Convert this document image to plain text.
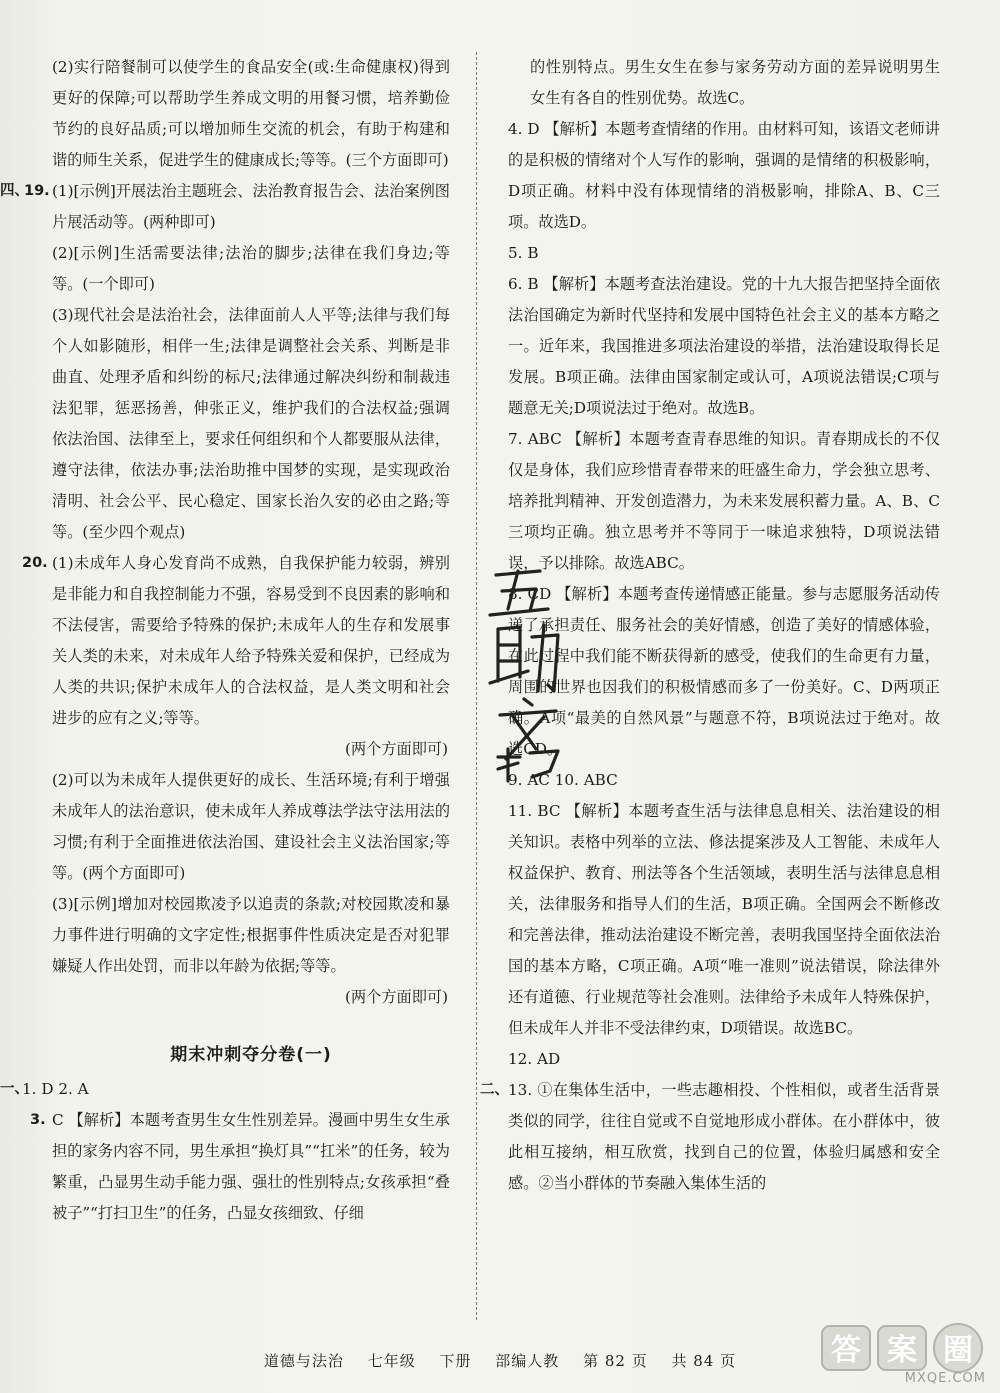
(2)实行陪餐制可以使学生的食品安全(或:生命健康权)得到更好的保障;可以帮助学生养成文明的用餐习惯，培养勤俭节约的良好品质;可以增加师生交流的机会，有助于构建和谐的师生关系，促进学生的健康成长;等等。(三个方面即可)

四、
19. (1)[示例]开展法治主题班会、法治教育报告会、法治案例图片展活动等。(两种即可)

(2)[示例]生活需要法律;法治的脚步;法律在我们身边;等等。(一个即可)

(3)现代社会是法治社会，法律面前人人平等;法律与我们每个人如影随形，相伴一生;法律是调整社会关系、判断是非曲直、处理矛盾和纠纷的标尺;法律通过解决纠纷和制裁违法犯罪，惩恶扬善，伸张正义，维护我们的合法权益;强调依法治国、法律至上，要求任何组织和个人都要服从法律，遵守法律，依法办事;法治助推中国梦的实现，是实现政治清明、社会公平、民心稳定、国家长治久安的必由之路;等等。(至少四个观点)

20. (1)未成年人身心发育尚不成熟，自我保护能力较弱，辨别是非能力和自我控制能力不强，容易受到不良因素的影响和不法侵害，需要给予特殊的保护;未成年人的生存和发展事关人类的未来，对未成年人给予特殊关爱和保护，已经成为人类的共识;保护未成年人的合法权益，是人类文明和社会进步的应有之义;等等。

(两个方面即可)

(2)可以为未成年人提供更好的成长、生活环境;有利于增强未成年人的法治意识，使未成年人养成尊法学法守法用法的习惯;有利于全面推进依法治国、建设社会主义法治国家;等等。(两个方面即可)

(3)[示例]增加对校园欺凌予以追责的条款;对校园欺凌和暴力事件进行明确的文字定性;根据事件性质决定是否对犯罪嫌疑人作出处罚，而非以年龄为依据;等等。

(两个方面即可)

期末冲刺夺分卷(一)
一、

1. D 2. A

3. C 【解析】本题考查男生女生性别差异。漫画中男生女生承担的家务内容不同，男生承担“换灯具”“扛米”的任务，较为繁重，凸显男生动手能力强、强壮的性别特点;女孩承担“叠被子”“打扫卫生”的任务，凸显女孩细致、仔细

的性别特点。男生女生在参与家务劳动方面的差异说明男生女生有各自的性别优势。故选C。

4. D 【解析】本题考查情绪的作用。由材料可知，该语文老师讲的是积极的情绪对个人写作的影响，强调的是情绪的积极影响，D项正确。材料中没有体现情绪的消极影响，排除A、B、C三项。故选D。

5. B

6. B 【解析】本题考查法治建设。党的十九大报告把坚持全面依法治国确定为新时代坚持和发展中国特色社会主义的基本方略之一。近年来，我国推进多项法治建设的举措，法治建设取得长足发展。B项正确。法律由国家制定或认可，A项说法错误;C项与题意无关;D项说法过于绝对。故选B。

7. ABC 【解析】本题考查青春思维的知识。青春期成长的不仅仅是身体，我们应珍惜青春带来的旺盛生命力，学会独立思考、培养批判精神、开发创造潜力，为未来发展积蓄力量。A、B、C三项均正确。独立思考并不等同于一味追求独特，D项说法错误，予以排除。故选ABC。

8. CD 【解析】本题考查传递情感正能量。参与志愿服务活动传递了承担责任、服务社会的美好情感，创造了美好的情感体验，在此过程中我们能不断获得新的感受，使我们的生命更有力量，周围的世界也因我们的积极情感而多了一份美好。C、D两项正确。A项“最美的自然风景”与题意不符，B项说法过于绝对。故选CD。

9. AC 10. ABC

11. BC 【解析】本题考查生活与法律息息相关、法治建设的相关知识。表格中列举的立法、修法提案涉及人工智能、未成年人权益保护、教育、刑法等各个生活领域，表明生活与法律息息相关，法律服务和指导人们的生活，B项正确。全国两会不断修改和完善法律，推动法治建设不断完善，表明我国坚持全面依法治国的基本方略，C项正确。A项“唯一准则”说法错误，除法律外还有道德、行业规范等社会准则。法律给予未成年人特殊保护，但未成年人并非不受法律约束，D项错误。故选BC。

12. AD

二、 13. ①在集体生活中，一些志趣相投、个性相似，或者生活背景类似的同学，往往自觉或不自觉地形成小群体。在小群体中，彼此相互接纳，相互欣赏，找到自己的位置，体验归属感和安全感。②当小群体的节奏融入集体生活的

互
道德与法治 七年级 下册 部编人教 第 82 页 共 84 页	答 案 圈
MXQE.COM
